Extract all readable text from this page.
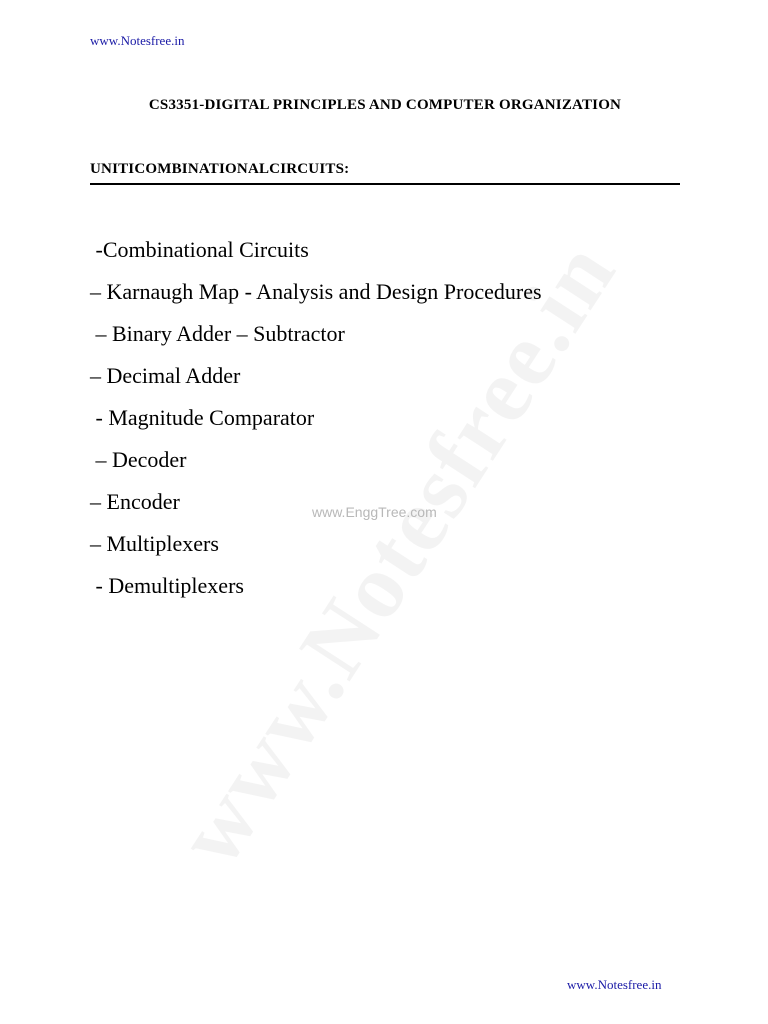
www.Notesfree.in
CS3351-DIGITAL PRINCIPLES AND COMPUTER ORGANIZATION
UNITICOMBINATIONALCIRCUITS:
-Combinational Circuits
– Karnaugh Map - Analysis and Design Procedures
– Binary Adder – Subtractor
– Decimal Adder
- Magnitude Comparator
– Decoder
– Encoder
– Multiplexers
- Demultiplexers
www.EnggTree.com
www.Notesfree.in
